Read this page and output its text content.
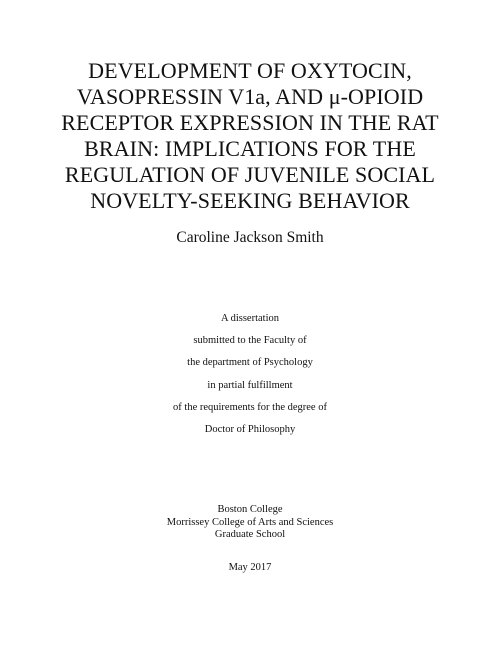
DEVELOPMENT OF OXYTOCIN,
VASOPRESSIN V1a, AND μ-OPIOID
RECEPTOR EXPRESSION IN THE RAT
BRAIN: IMPLICATIONS FOR THE
REGULATION OF JUVENILE SOCIAL
NOVELTY-SEEKING BEHAVIOR
Caroline Jackson Smith
A dissertation
submitted to the Faculty of
the department of Psychology
in partial fulfillment
of the requirements for the degree of
Doctor of Philosophy
Boston College
Morrissey College of Arts and Sciences
Graduate School
May 2017
